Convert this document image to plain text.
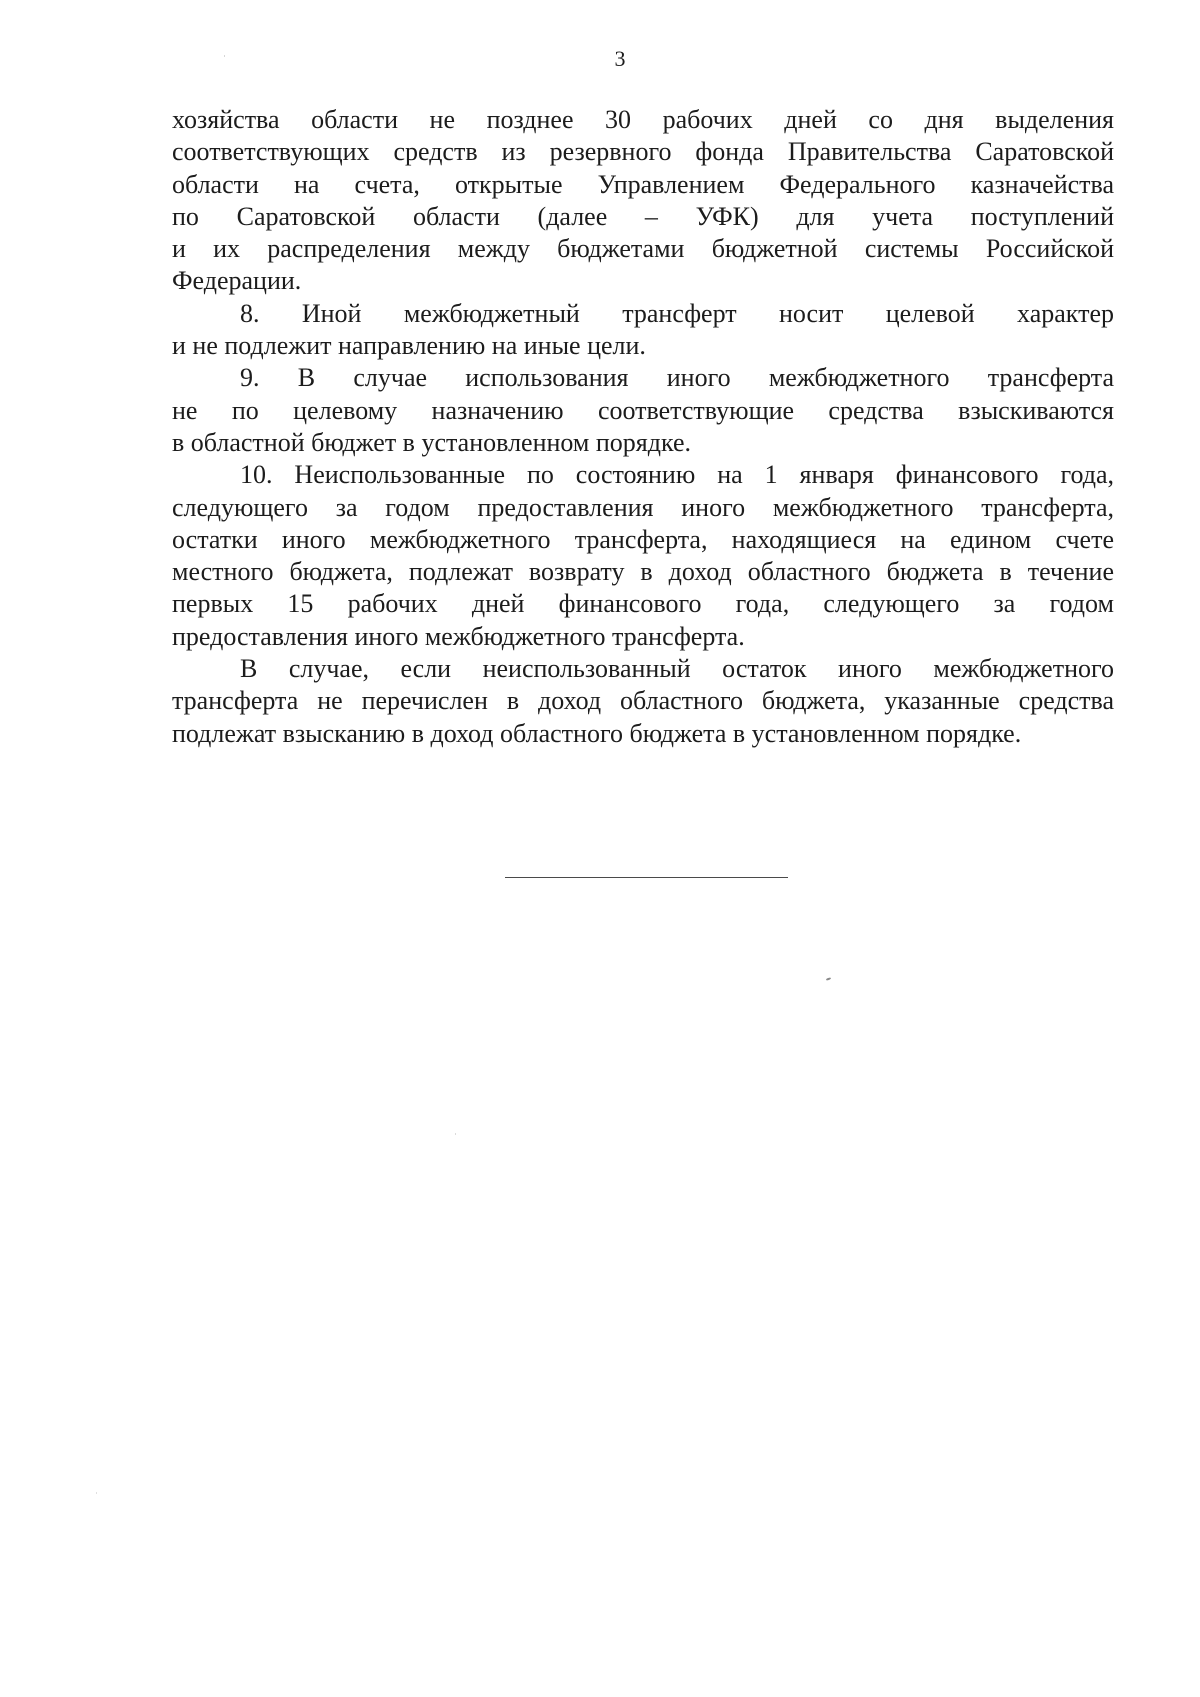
3
хозяйства области не позднее 30 рабочих дней со дня выделения
соответствующих средств из резервного фонда Правительства Саратовской
области на счета, открытые Управлением Федерального казначейства
по Саратовской области (далее – УФК) для учета поступлений
и их распределения между бюджетами бюджетной системы Российской
Федерации.
8. Иной межбюджетный трансферт носит целевой характер
и не подлежит направлению на иные цели.
9. В случае использования иного межбюджетного трансферта
не по целевому назначению соответствующие средства взыскиваются
в областной бюджет в установленном порядке.
10. Неиспользованные по состоянию на 1 января финансового года,
следующего за годом предоставления иного межбюджетного трансферта,
остатки иного межбюджетного трансферта, находящиеся на едином счете
местного бюджета, подлежат возврату в доход областного бюджета в течение
первых 15 рабочих дней финансового года, следующего за годом
предоставления иного межбюджетного трансферта.
В случае, если неиспользованный остаток иного межбюджетного
трансферта не перечислен в доход областного бюджета, указанные средства
подлежат взысканию в доход областного бюджета в установленном порядке.
